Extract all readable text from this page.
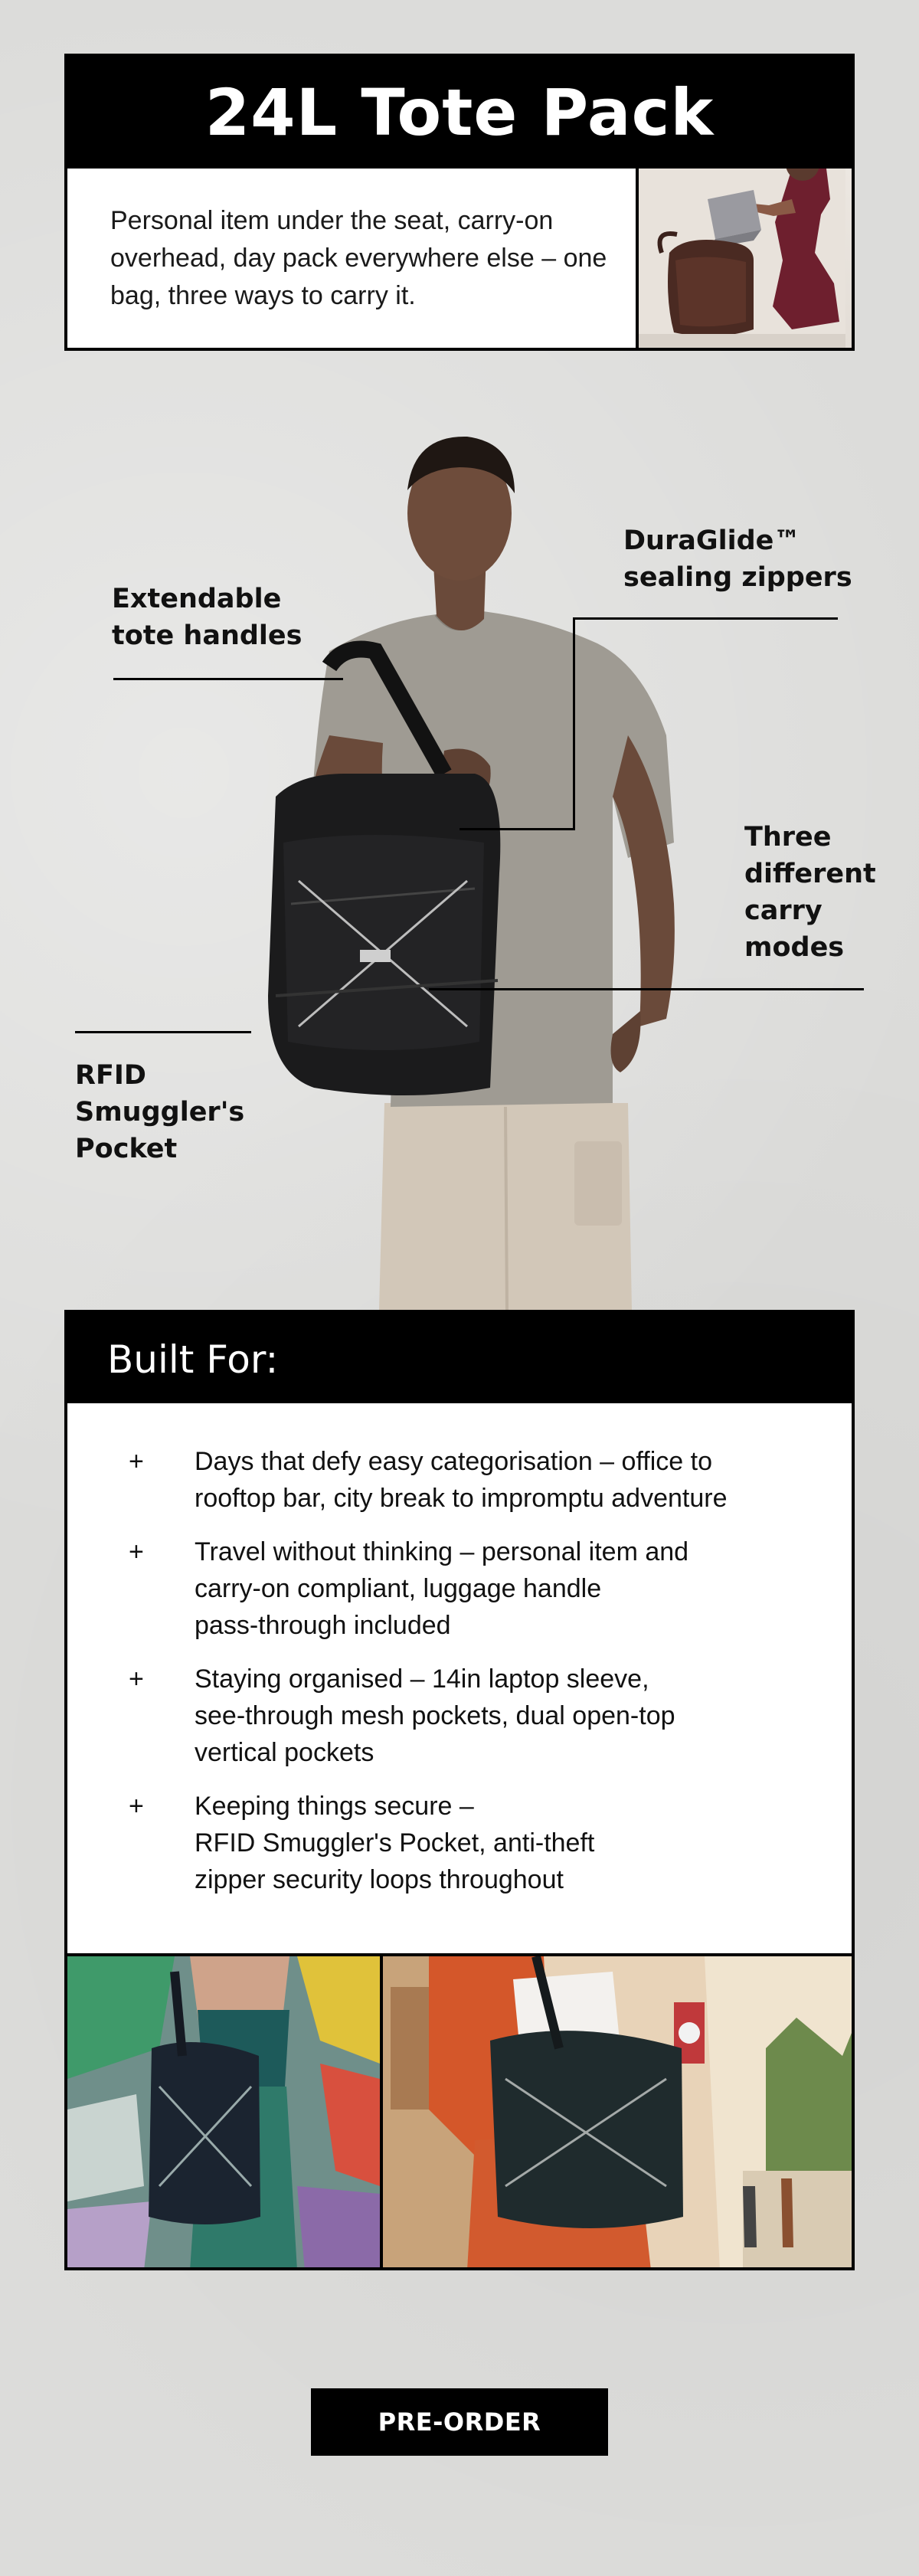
24L Tote Pack

Personal item under the seat, carry-on overhead, day pack everywhere else – one bag, three ways to carry it.

Extendable

tote handles

DuraGlide™

sealing zippers

Three

different

carry

modes

RFID

Smuggler's

Pocket

Built For:
+ Days that defy easy categorisation – office to
rooftop bar, city break to impromptu adventure
+ Travel without thinking – personal item and
carry-on compliant, luggage handle
pass-through included
+ Staying organised – 14in laptop sleeve,
see-through mesh pockets, dual open-top
vertical pockets
+ Keeping things secure –
RFID Smuggler's Pocket, anti-theft
zipper security loops throughout
PRE-ORDER
